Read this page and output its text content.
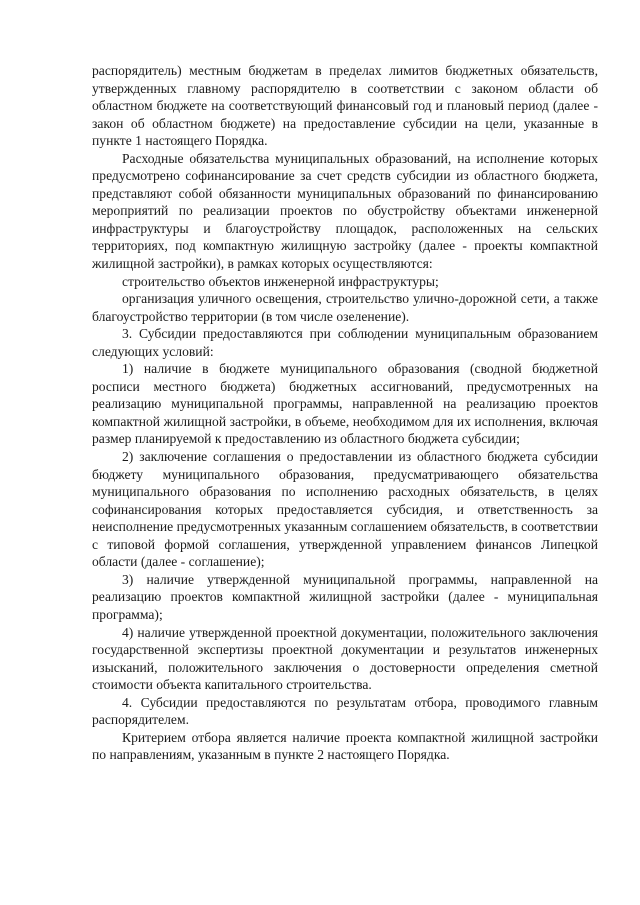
распорядитель) местным бюджетам в пределах лимитов бюджетных обязательств, утвержденных главному распорядителю в соответствии с законом области об областном бюджете на соответствующий финансовый год и плановый период (далее - закон об областном бюджете) на предоставление субсидии на цели, указанные в пункте 1 настоящего Порядка.

Расходные обязательства муниципальных образований, на исполнение которых предусмотрено софинансирование за счет средств субсидии из областного бюджета, представляют собой обязанности муниципальных образований по финансированию мероприятий по реализации проектов по обустройству объектами инженерной инфраструктуры и благоустройству площадок, расположенных на сельских территориях, под компактную жилищную застройку (далее - проекты компактной жилищной застройки), в рамках которых осуществляются:

строительство объектов инженерной инфраструктуры;

организация уличного освещения, строительство улично-дорожной сети, а также благоустройство территории (в том числе озеленение).

3. Субсидии предоставляются при соблюдении муниципальным образованием следующих условий:

1) наличие в бюджете муниципального образования (сводной бюджетной росписи местного бюджета) бюджетных ассигнований, предусмотренных на реализацию муниципальной программы, направленной на реализацию проектов компактной жилищной застройки, в объеме, необходимом для их исполнения, включая размер планируемой к предоставлению из областного бюджета субсидии;

2) заключение соглашения о предоставлении из областного бюджета субсидии бюджету муниципального образования, предусматривающего обязательства муниципального образования по исполнению расходных обязательств, в целях софинансирования которых предоставляется субсидия, и ответственность за неисполнение предусмотренных указанным соглашением обязательств, в соответствии с типовой формой соглашения, утвержденной управлением финансов Липецкой области (далее - соглашение);

3) наличие утвержденной муниципальной программы, направленной на реализацию проектов компактной жилищной застройки (далее - муниципальная программа);

4) наличие утвержденной проектной документации, положительного заключения государственной экспертизы проектной документации и результатов инженерных изысканий, положительного заключения о достоверности определения сметной стоимости объекта капитального строительства.

4. Субсидии предоставляются по результатам отбора, проводимого главным распорядителем.

Критерием отбора является наличие проекта компактной жилищной застройки по направлениям, указанным в пункте 2 настоящего Порядка.
